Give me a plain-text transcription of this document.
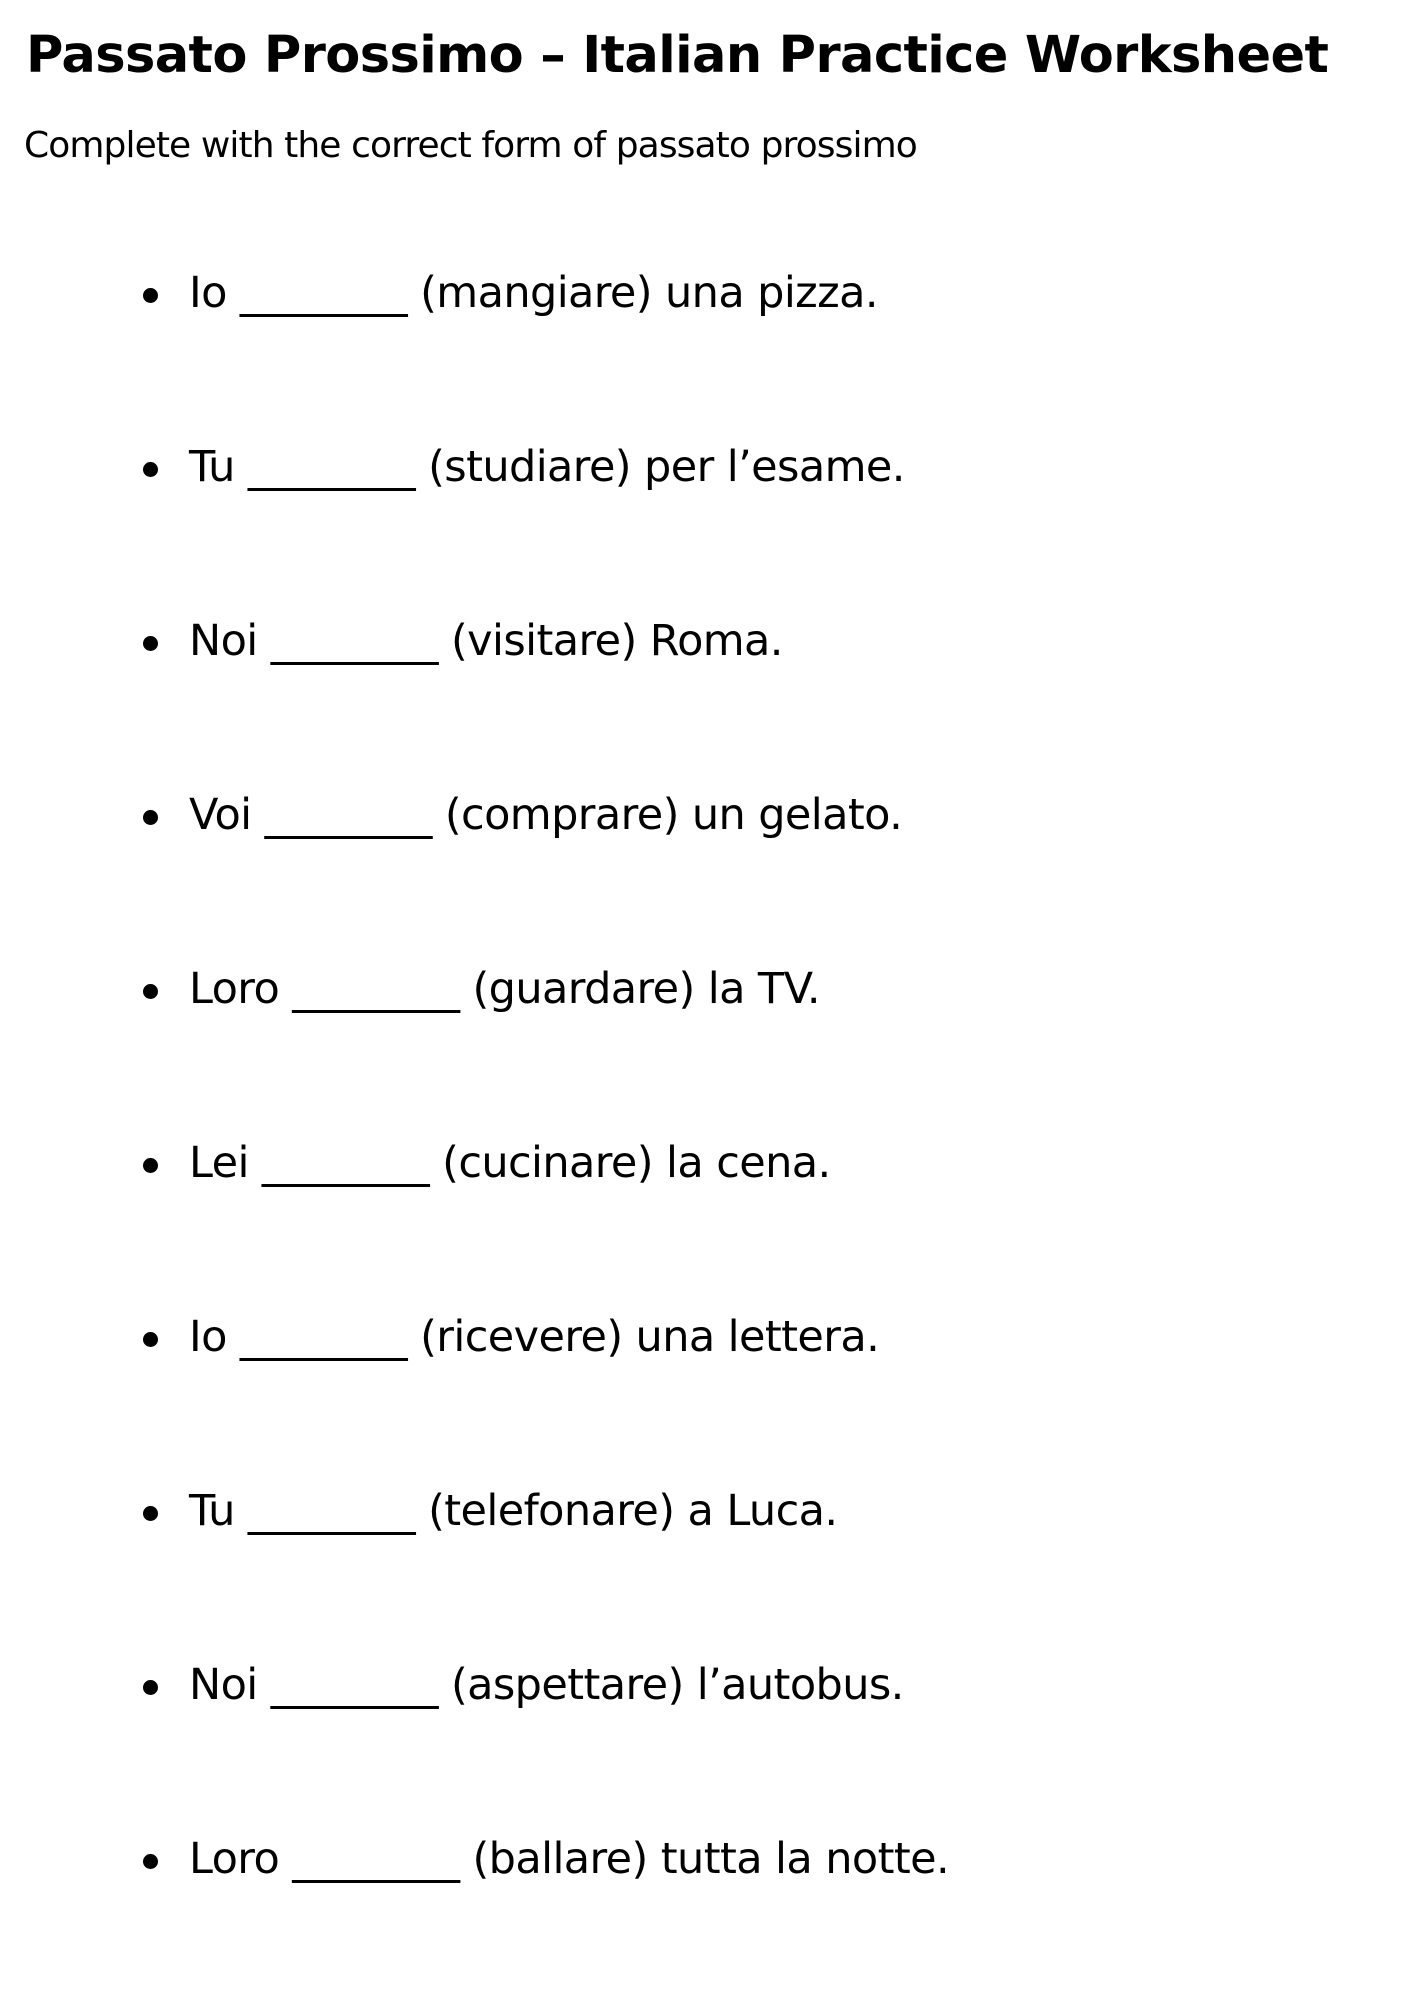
Passato Prossimo – Italian Practice Worksheet

Complete with the correct form of passato prossimo

Io ________ (mangiare) una pizza.
Tu ________ (studiare) per l’esame.
Noi ________ (visitare) Roma.
Voi ________ (comprare) un gelato.
Loro ________ (guardare) la TV.
Lei ________ (cucinare) la cena.
Io ________ (ricevere) una lettera.
Tu ________ (telefonare) a Luca.
Noi ________ (aspettare) l’autobus.
Loro ________ (ballare) tutta la notte.
